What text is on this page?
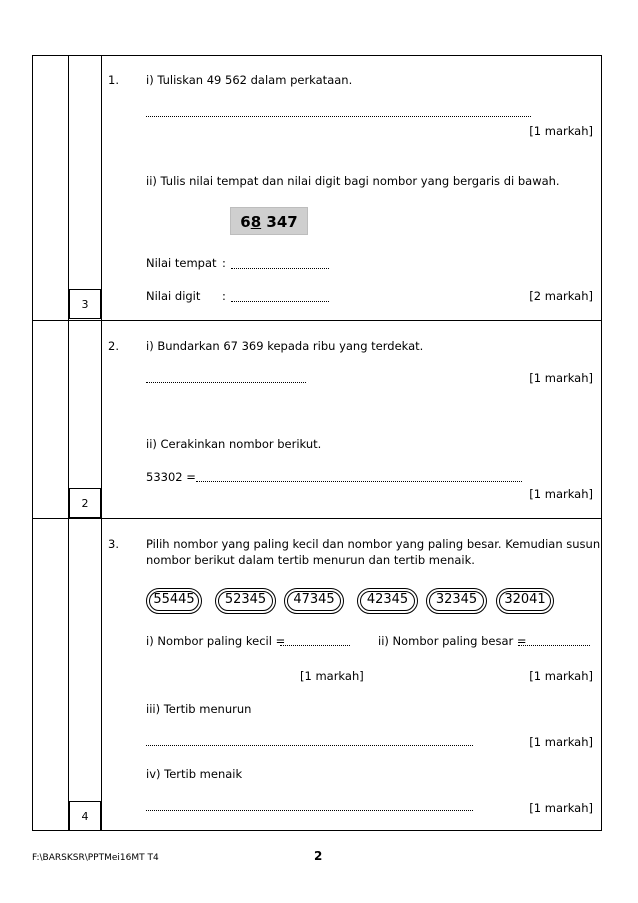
1. i) Tuliskan 49 562 dalam perkataan.
[1 markah]
ii) Tulis nilai tempat dan nilai digit bagi nombor yang bergaris di bawah.
68 347
Nilai tempat :
Nilai digit :	[2 markah]
3
2. i) Bundarkan 67 369 kepada ribu yang terdekat.
[1 markah]
ii) Cerakinkan nombor berikut.
53302 =
[1 markah]
2
3. Pilih nombor yang paling kecil dan nombor yang paling besar. Kemudian susun
nombor berikut dalam tertib menurun dan tertib menaik.
55445	52345	47345	42345	32345	32041
i) Nombor paling kecil =	ii) Nombor paling besar =
[1 markah]	[1 markah]
iii) Tertib menurun
[1 markah]
iv) Tertib menaik
[1 markah]
4
F:\BARSKSR\PPTMei16MT T4	2
